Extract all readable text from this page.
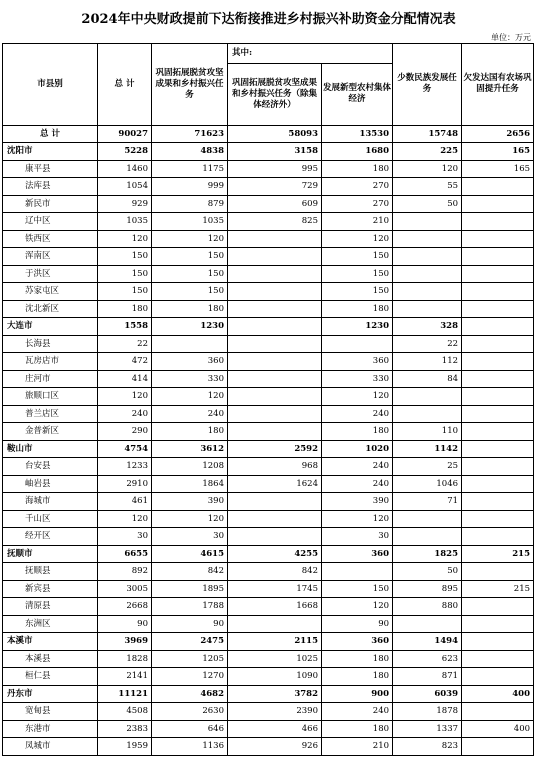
2024年中央财政提前下达衔接推进乡村振兴补助资金分配情况表
单位：万元
市县别	总 计	巩固拓展脱贫攻坚成果和乡村振兴任务	其中:		少数民族发展任务	欠发达国有农场巩固提升任务
			巩固拓展脱贫攻坚成果和乡村振兴任务（除集体经济外）	发展新型农村集体经济		
总 计	90027	71623	58093	13530	15748	2656
沈阳市	5228	4838	3158	1680	225	165
康平县	1460	1175	995	180	120	165
法库县	1054	999	729	270	55	
新民市	929	879	609	270	50	
辽中区	1035	1035	825	210		
铁西区	120	120		120		
浑南区	150	150		150		
于洪区	150	150		150		
苏家屯区	150	150		150		
沈北新区	180	180		180		
大连市	1558	1230		1230	328	
长海县	22				22	
瓦房店市	472	360		360	112	
庄河市	414	330		330	84	
旅顺口区	120	120		120		
普兰店区	240	240		240		
金普新区	290	180		180	110	
鞍山市	4754	3612	2592	1020	1142	
台安县	1233	1208	968	240	25	
岫岩县	2910	1864	1624	240	1046	
海城市	461	390		390	71	
千山区	120	120		120		
经开区	30	30		30		
抚顺市	6655	4615	4255	360	1825	215
抚顺县	892	842	842		50	
新宾县	3005	1895	1745	150	895	215
清原县	2668	1788	1668	120	880	
东洲区	90	90		90		
本溪市	3969	2475	2115	360	1494	
本溪县	1828	1205	1025	180	623	
桓仁县	2141	1270	1090	180	871	
丹东市	11121	4682	3782	900	6039	400
宽甸县	4508	2630	2390	240	1878	
东港市	2383	646	466	180	1337	400
凤城市	1959	1136	926	210	823	
